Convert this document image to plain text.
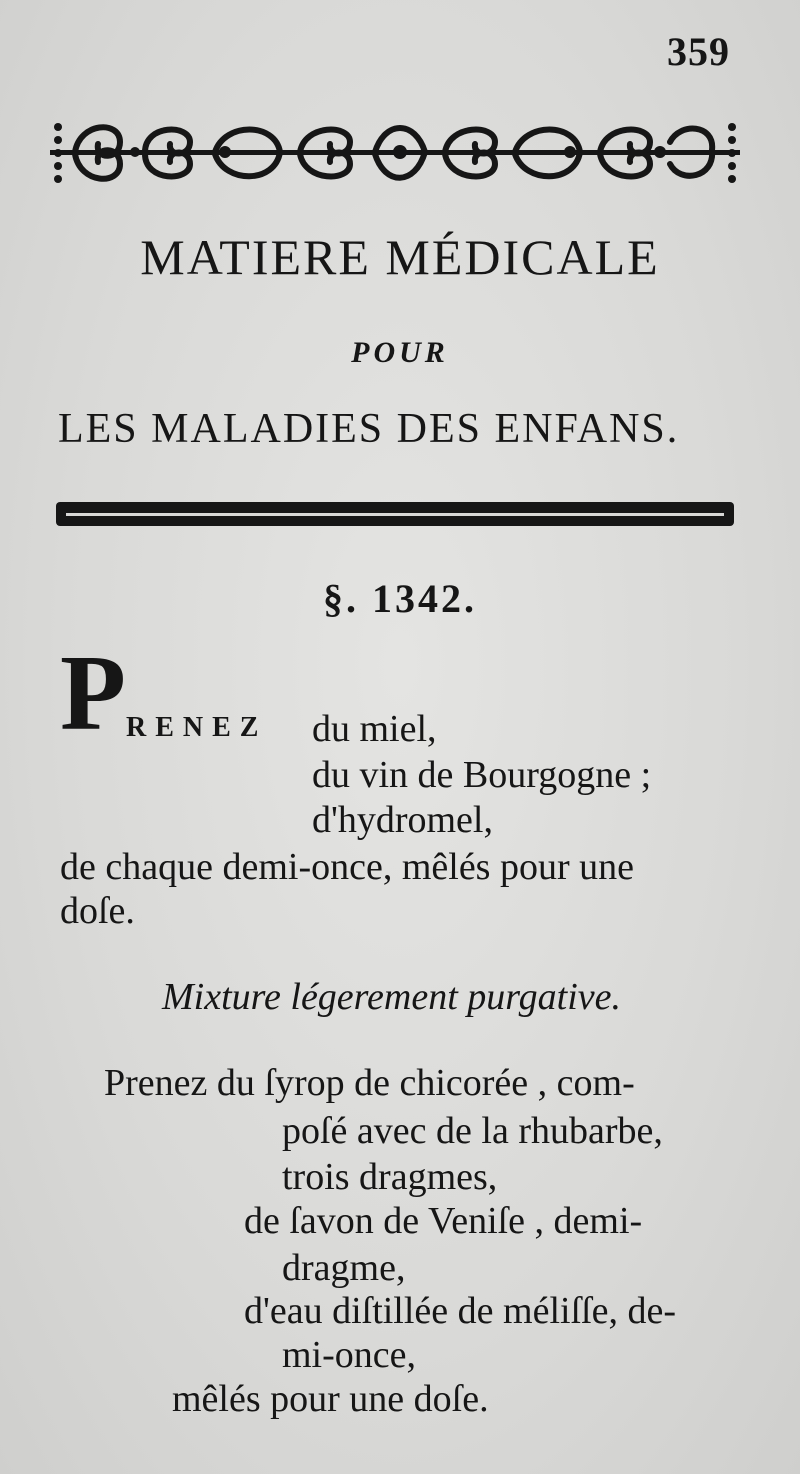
359
MATIERE MÉDICALE
POUR
LES MALADIES DES ENFANS.
§. 1342.
P RENEZ du miel,
du vin de Bourgogne ;
d'hydromel,
de chaque demi-once, mêlés pour une
doſe.
Mixture légerement purgative.
Prenez du ſyrop de chicorée , com-
poſé avec de la rhubarbe,
trois dragmes,
de ſavon de Veniſe , demi-
dragme,
d'eau diſtillée de méliſſe, de-
mi-once,
mêlés pour une doſe.
